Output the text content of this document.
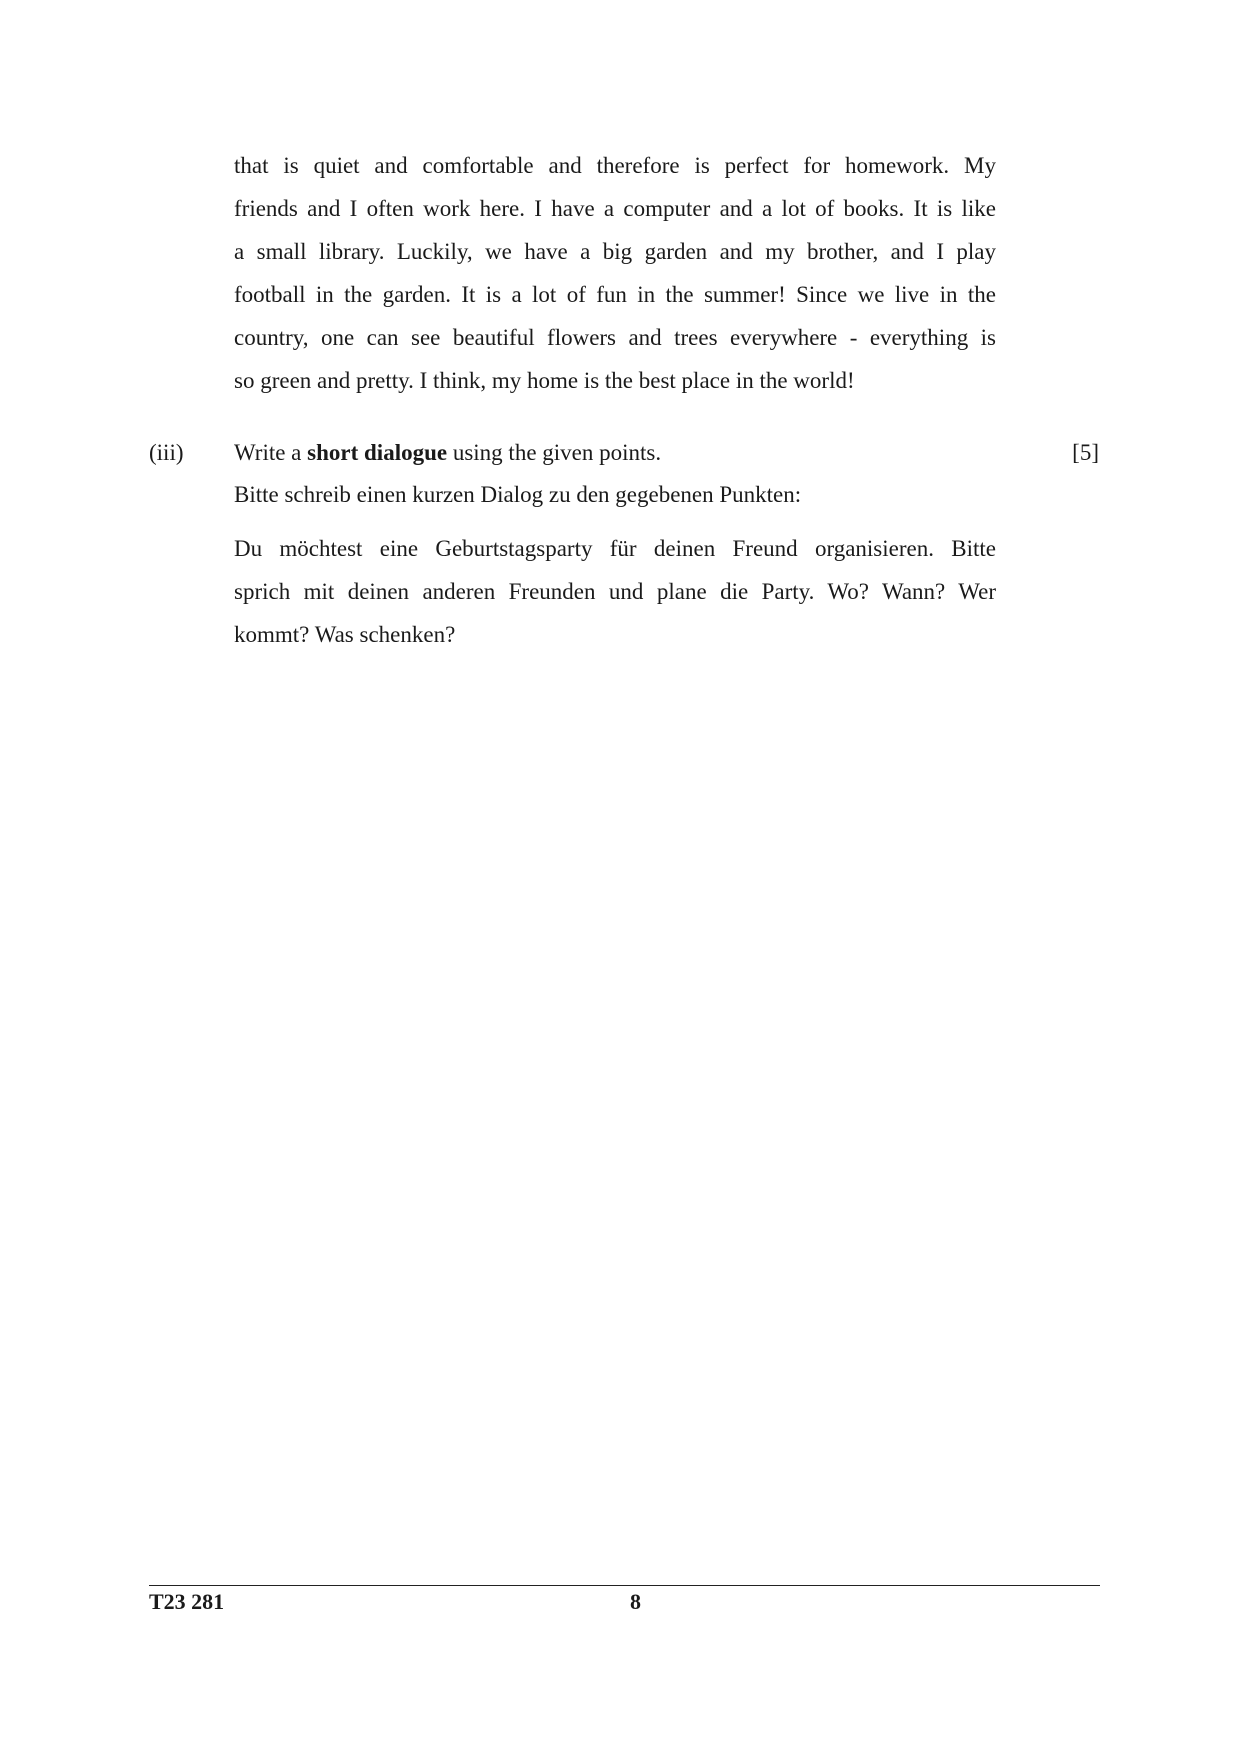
that is quiet and comfortable and therefore is perfect for homework. My
friends and I often work here. I have a computer and a lot of books. It is like
a small library. Luckily, we have a big garden and my brother, and I play
football in the garden. It is a lot of fun in the summer! Since we live in the
country, one can see beautiful flowers and trees everywhere - everything is
so green and pretty. I think, my home is the best place in the world!
(iii)	[5]
Write a short dialogue using the given points.
Bitte schreib einen kurzen Dialog zu den gegebenen Punkten:
Du möchtest eine Geburtstagsparty für deinen Freund organisieren. Bitte
sprich mit deinen anderen Freunden und plane die Party. Wo? Wann? Wer
kommt? Was schenken?
T23 281	8
